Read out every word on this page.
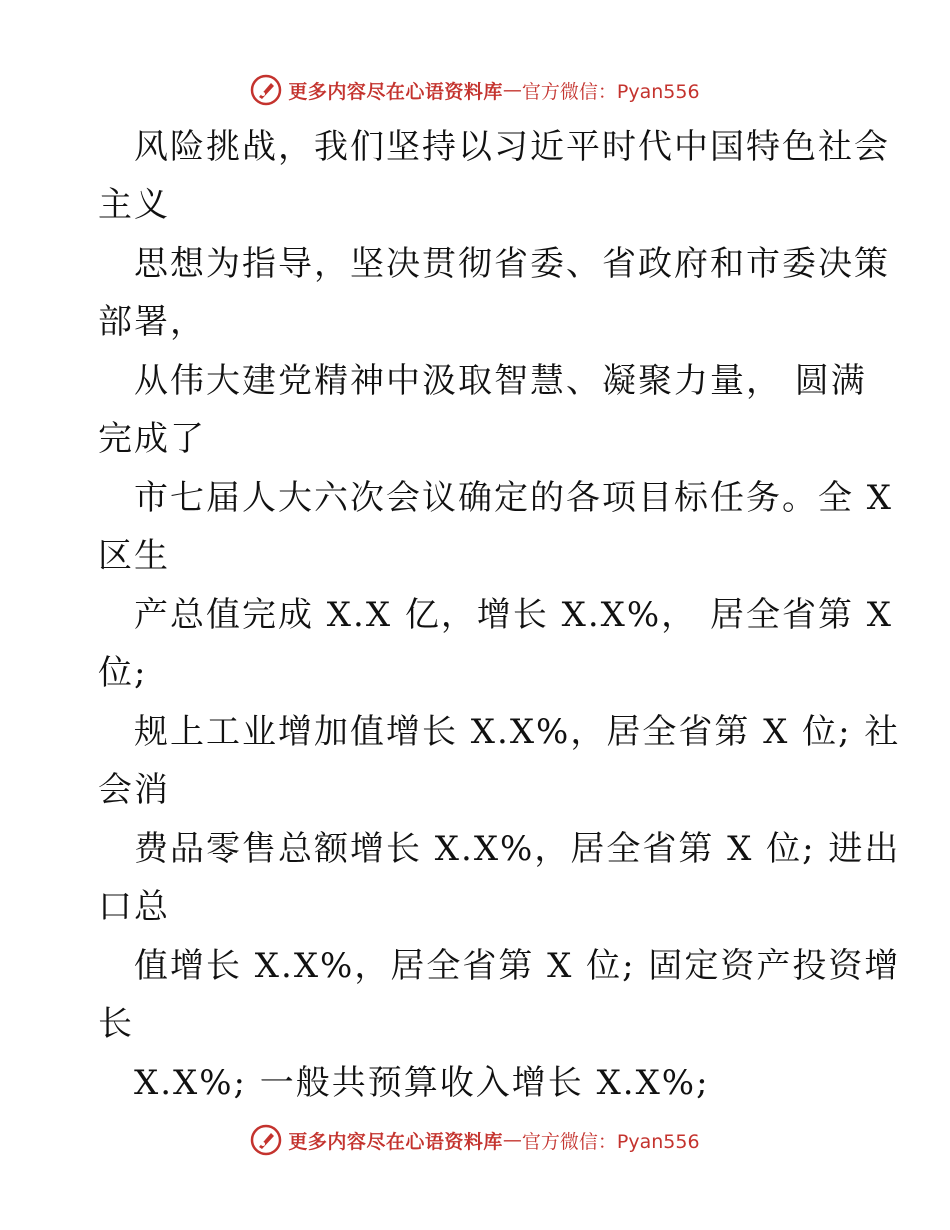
更多内容尽在心语资料库 — 官方微信：Pyan556
风险挑战，我们坚持以习近平时代中国特色社会
主义
思想为指导，坚决贯彻省委、省政府和市委决策
部署，
从伟大建党精神中汲取智慧、凝聚力量， 圆满
完成了
市七届人大六次会议确定的各项目标任务。全 X
区生
产总值完成 X.X 亿，增长 X.X%， 居全省第 X
位;
规上工业增加值增长 X.X%，居全省第 X 位; 社
会消
费品零售总额增长 X.X%，居全省第 X 位; 进出
口总
值增长 X.X%，居全省第 X 位; 固定资产投资增
长
X.X%; 一般共预算收入增长 X.X%;
更多内容尽在心语资料库 — 官方微信：Pyan556
